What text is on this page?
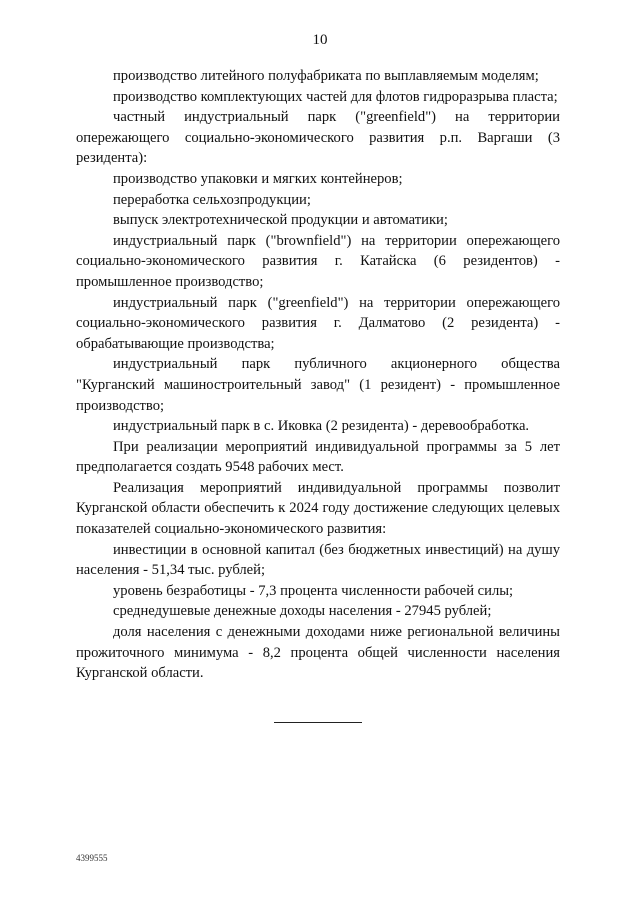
10

производство литейного полуфабриката по выплавляемым моделям;

производство комплектующих частей для флотов гидроразрыва пласта;

частный индустриальный парк ("greenfield") на территории опережающего социально-экономического развития р.п. Варгаши (3 резидента):

производство упаковки и мягких контейнеров;

переработка сельхозпродукции;

выпуск электротехнической продукции и автоматики;

индустриальный парк ("brownfield") на территории опережающего социально-экономического развития г. Катайска (6 резидентов) - промышленное производство;

индустриальный парк ("greenfield") на территории опережающего социально-экономического развития г. Далматово (2 резидента) - обрабатывающие производства;

индустриальный парк публичного акционерного общества "Курганский машиностроительный завод" (1 резидент) - промышленное производство;

индустриальный парк в с. Иковка (2 резидента) - деревообработка.

При реализации мероприятий индивидуальной программы за 5 лет предполагается создать 9548 рабочих мест.

Реализация мероприятий индивидуальной программы позволит Курганской области обеспечить к 2024 году достижение следующих целевых показателей социально-экономического развития:

инвестиции в основной капитал (без бюджетных инвестиций) на душу населения - 51,34 тыс. рублей;

уровень безработицы - 7,3 процента численности рабочей силы;

среднедушевые денежные доходы населения - 27945 рублей;

доля населения с денежными доходами ниже региональной величины прожиточного минимума - 8,2 процента общей численности населения Курганской области.

4399555
